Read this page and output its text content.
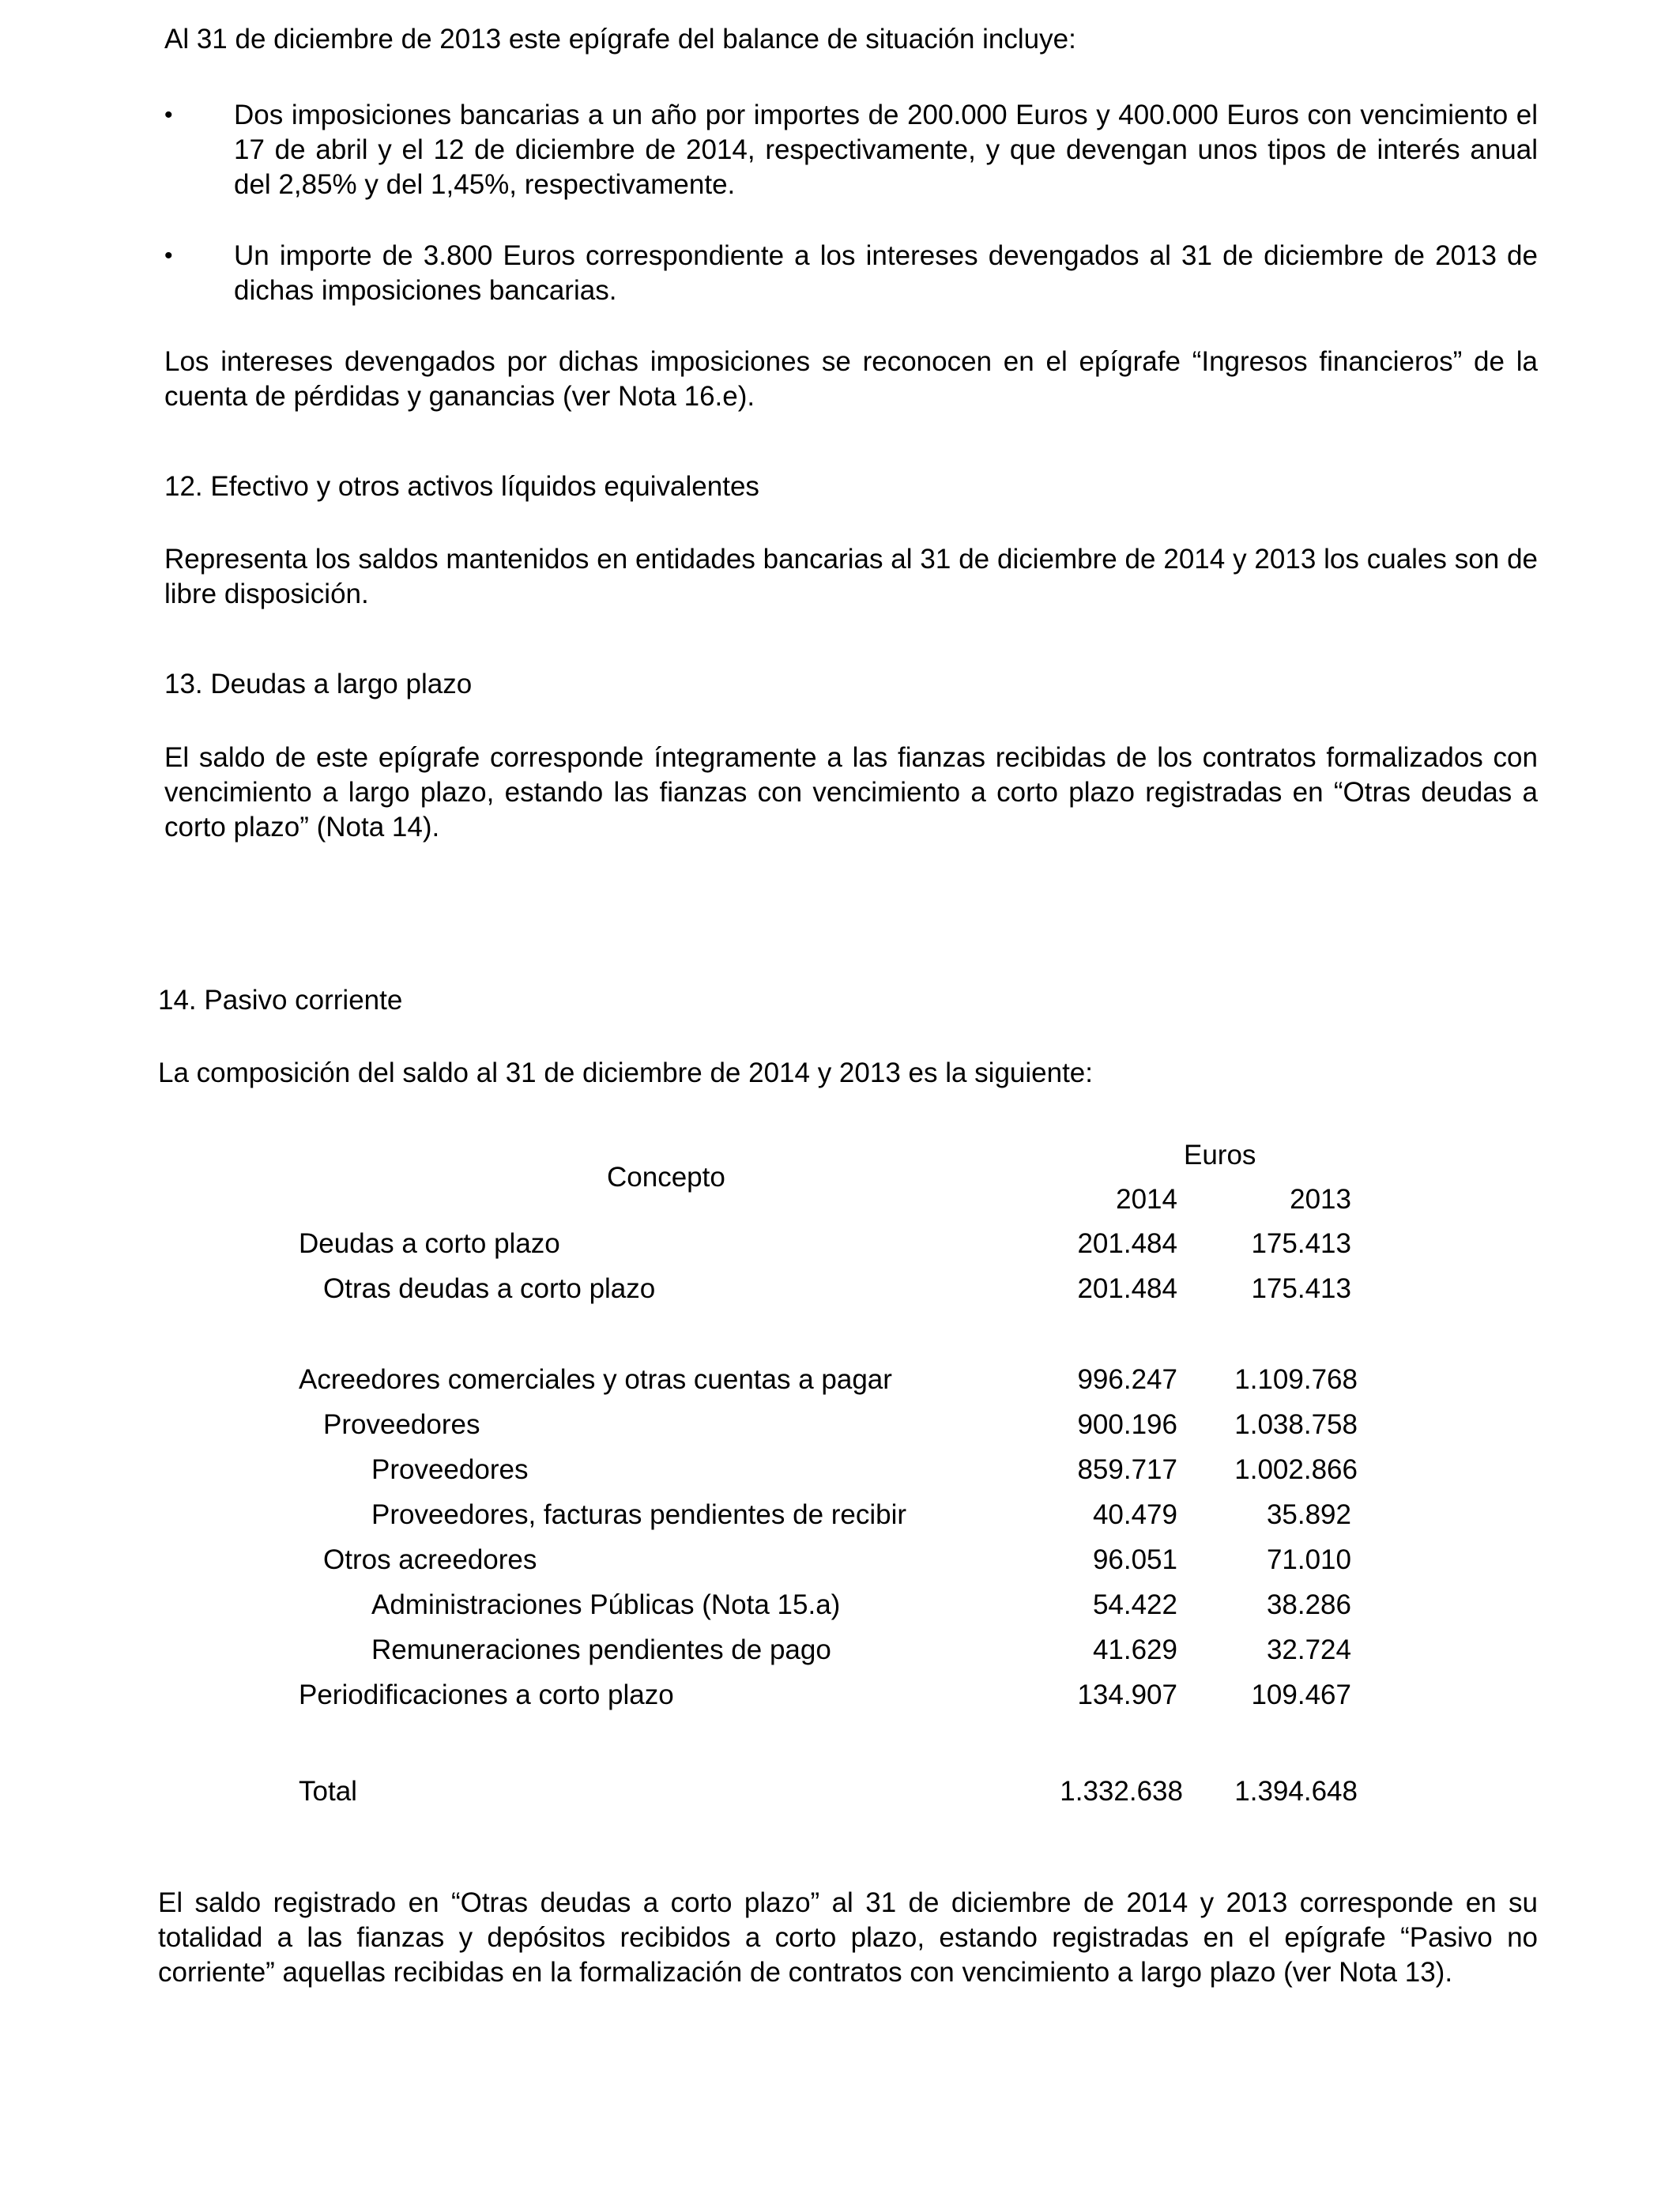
Al 31 de diciembre de 2013 este epígrafe del balance de situación incluye:

•	Dos imposiciones bancarias a un año por importes de 200.000 Euros y 400.000 Euros con vencimiento el 17 de abril y el 12 de diciembre de 2014, respectivamente, y que devengan unos tipos de interés anual del 2,85% y del 1,45%, respectivamente.

•	Un importe de 3.800 Euros correspondiente a los intereses devengados al 31 de diciembre de 2013 de dichas imposiciones bancarias.

Los intereses devengados por dichas imposiciones se reconocen en el epígrafe “Ingresos financieros” de la cuenta de pérdidas y ganancias (ver Nota 16.e).

12. Efectivo y otros activos líquidos equivalentes

Representa los saldos mantenidos en entidades bancarias al 31 de diciembre de 2014 y 2013 los cuales son de libre disposición.

13. Deudas a largo plazo

El saldo de este epígrafe corresponde íntegramente a las fianzas recibidas de los contratos formalizados con vencimiento a largo plazo, estando las fianzas con vencimiento a corto plazo registradas en “Otras deudas a corto plazo” (Nota 14).

14. Pasivo corriente

La composición del saldo al 31 de diciembre de 2014 y 2013 es la siguiente:

Euros
Concepto
2014	2013
Deudas a corto plazo	201.484	175.413
Otras deudas a corto plazo	201.484	175.413
Acreedores comerciales y otras cuentas a pagar	996.247	1.109.768
Proveedores	900.196	1.038.758
Proveedores	859.717	1.002.866
Proveedores, facturas pendientes de recibir	40.479	35.892
Otros acreedores	96.051	71.010
Administraciones Públicas (Nota 15.a)	54.422	38.286
Remuneraciones pendientes de pago	41.629	32.724
Periodificaciones a corto plazo	134.907	109.467
Total	1.332.638	1.394.648

El saldo registrado en “Otras deudas a corto plazo” al 31 de diciembre de 2014 y 2013 corresponde en su totalidad a las fianzas y depósitos recibidos a corto plazo, estando registradas en el epígrafe “Pasivo no corriente” aquellas recibidas en la formalización de contratos con vencimiento a largo plazo (ver Nota 13).
